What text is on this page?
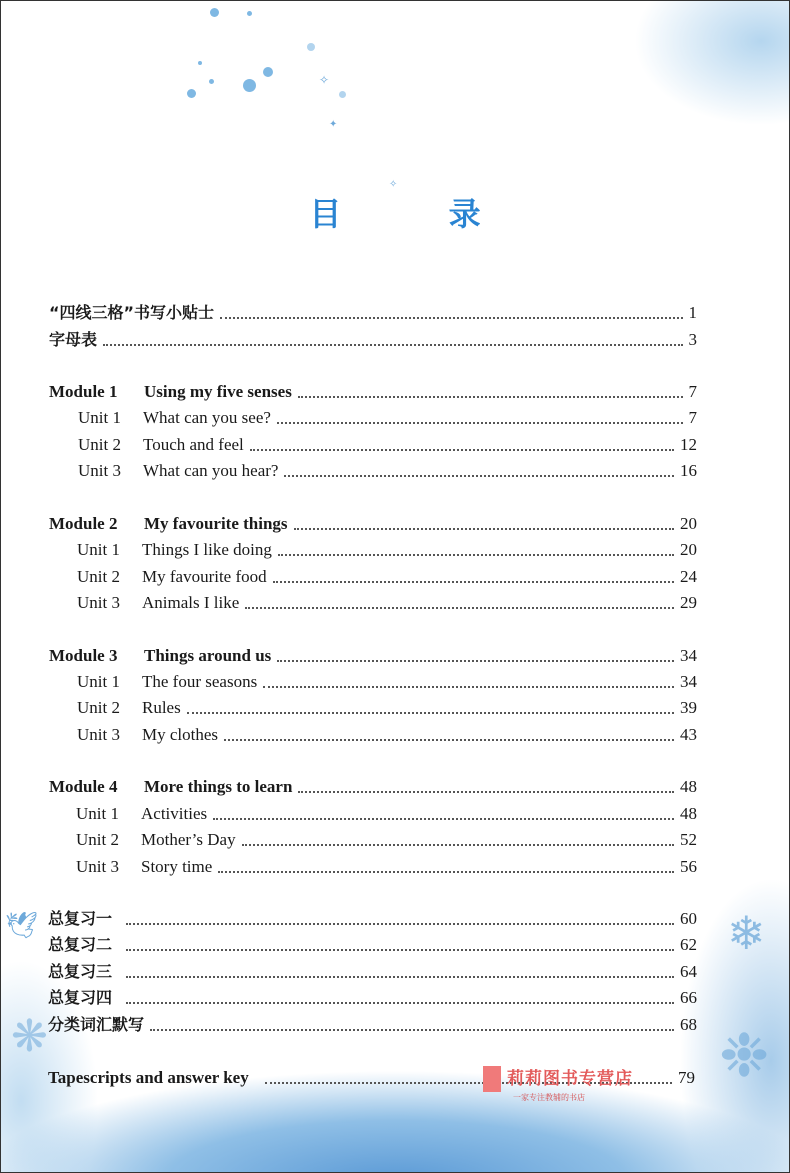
✧
✦
✧
🕊	❄
❉
❋
目 录
“四线三格”书写小贴士	1
字母表	3
Module 1 Using my five senses	7
Unit 1 What can you see?	7
Unit 2 Touch and feel	12
Unit 3 What can you hear?	16
Module 2 My favourite things	20
Unit 1 Things I like doing	20
Unit 2 My favourite food	24
Unit 3 Animals I like	29
Module 3 Things around us	34
Unit 1 The four seasons	34
Unit 2 Rules	39
Unit 3 My clothes	43
Module 4 More things to learn	48
Unit 1 Activities	48
Unit 2 Mother’s Day	52
Unit 3 Story time	56
总复习一	60
总复习二	62
总复习三	64
总复习四	66
分类词汇默写	68
Tapescripts and answer key	79
莉莉图书专营店
一家专注教辅的书店
